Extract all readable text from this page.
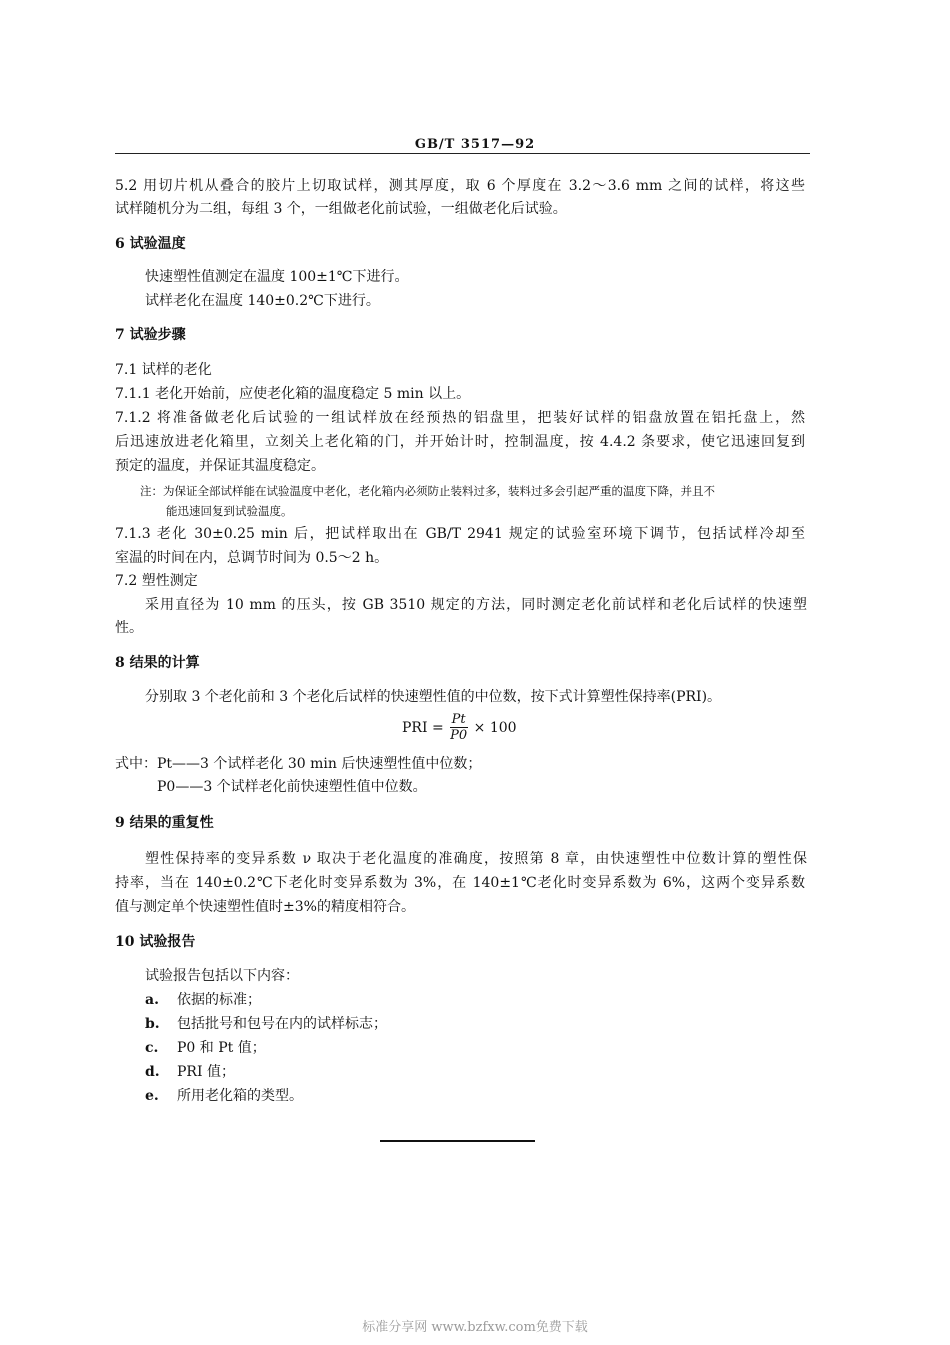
GB/T 3517—92
5.2 用切片机从叠合的胶片上切取试样，测其厚度，取 6 个厚度在 3.2～3.6 mm 之间的试样，将这些
试样随机分为二组，每组 3 个，一组做老化前试验，一组做老化后试验。
6 试验温度
快速塑性值测定在温度 100±1℃下进行。
试样老化在温度 140±0.2℃下进行。
7 试验步骤
7.1 试样的老化
7.1.1 老化开始前，应使老化箱的温度稳定 5 min 以上。
7.1.2 将准备做老化后试验的一组试样放在经预热的铝盘里，把装好试样的铝盘放置在铝托盘上，然
后迅速放进老化箱里，立刻关上老化箱的门，并开始计时，控制温度，按 4.4.2 条要求，使它迅速回复到
预定的温度，并保证其温度稳定。
注：为保证全部试样能在试验温度中老化，老化箱内必须防止装料过多，装料过多会引起严重的温度下降，并且不
能迅速回复到试验温度。
7.1.3 老化 30±0.25 min 后，把试样取出在 GB/T 2941 规定的试验室环境下调节，包括试样冷却至
室温的时间在内，总调节时间为 0.5～2 h。
7.2 塑性测定
采用直径为 10 mm 的压头，按 GB 3510 规定的方法，同时测定老化前试样和老化后试样的快速塑
性。
8 结果的计算
分别取 3 个老化前和 3 个老化后试样的快速塑性值的中位数，按下式计算塑性保持率(PRI)。
PRI = $\frac{Pt}{P0} \times 100$
式中：Pt——3 个试样老化 30 min 后快速塑性值中位数；
P0——3 个试样老化前快速塑性值中位数。
9 结果的重复性
塑性保持率的变异系数 ν 取决于老化温度的准确度，按照第 8 章，由快速塑性中位数计算的塑性保
持率，当在 140±0.2℃下老化时变异系数为 3%，在 140±1℃老化时变异系数为 6%，这两个变异系数
值与测定单个快速塑性值时±3%的精度相符合。
10 试验报告
试验报告包括以下内容：
a. 依据的标准；
b. 包括批号和包号在内的试样标志；
c. P0 和 Pt 值；
d. PRI 值；
e. 所用老化箱的类型。
标准分享网 www.bzfxw.com免费下载
